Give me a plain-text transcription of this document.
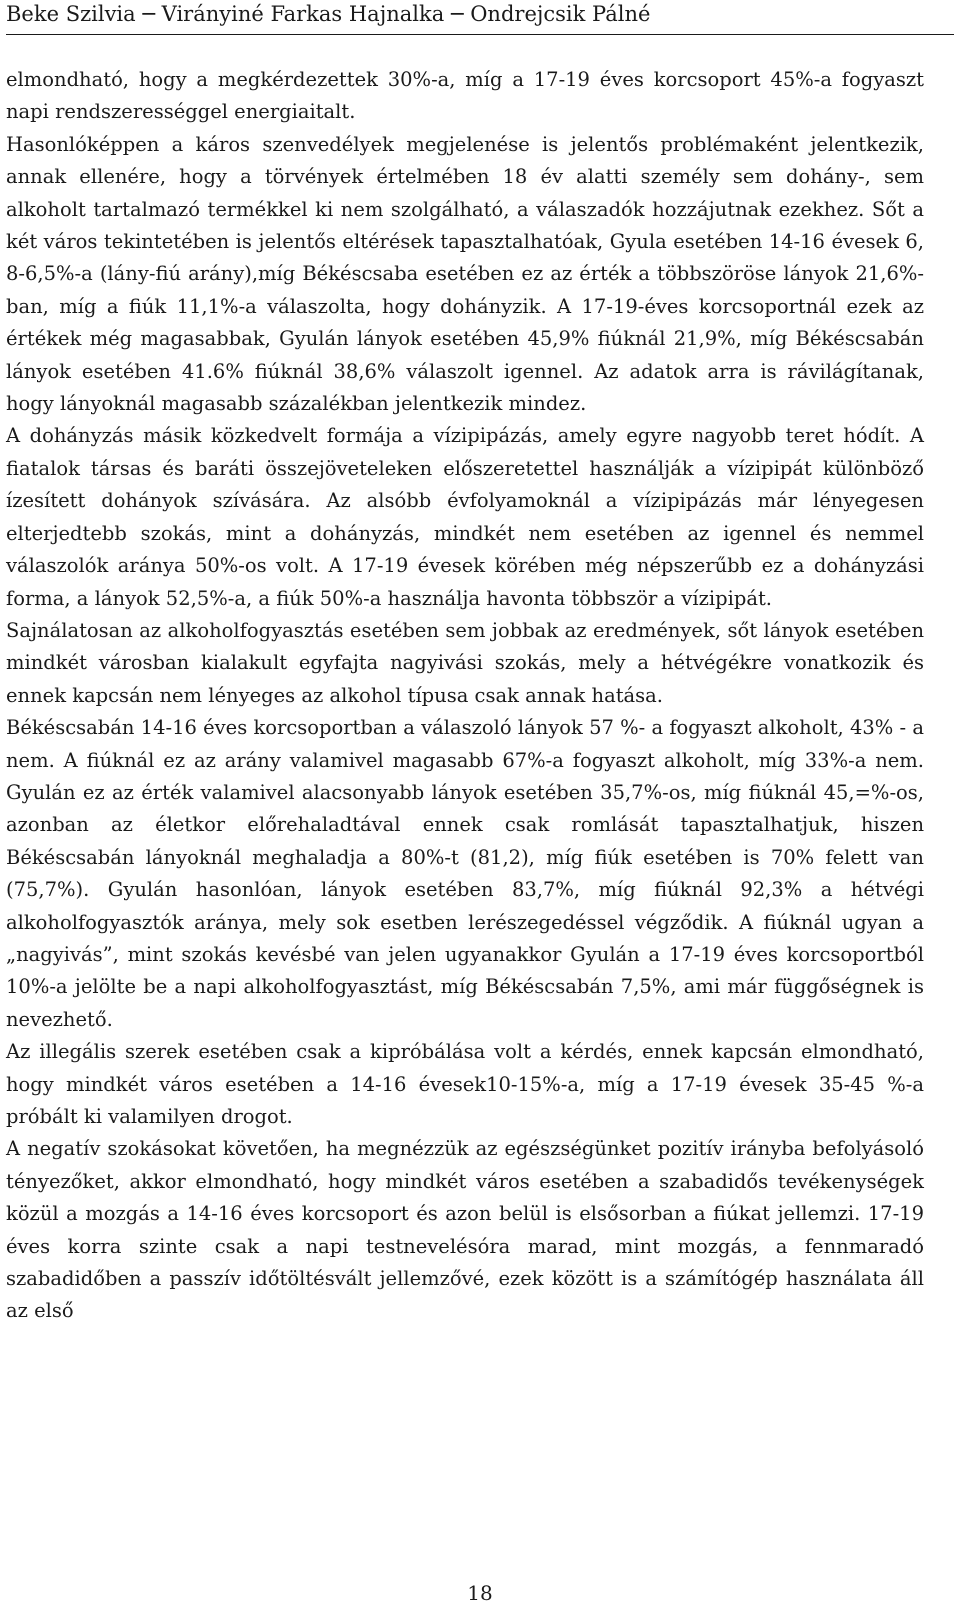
Beke Szilvia ─ Virányiné Farkas Hajnalka ─ Ondrejcsik Pálné

elmondható, hogy a megkérdezettek 30%-a, míg a 17-19 éves korcsoport 45%-a fogyaszt napi rendszerességgel energiaitalt.

Hasonlóképpen a káros szenvedélyek megjelenése is jelentős problémaként jelentkezik, annak ellenére, hogy a törvények értelmében 18 év alatti személy sem dohány-, sem alkoholt tartalmazó termékkel ki nem szolgálható, a válaszadók hozzájutnak ezekhez. Sőt a két város tekintetében is jelentős eltérések tapasztalhatóak, Gyula esetében 14-16 évesek 6, 8-6,5%-a (lány-fiú arány),míg Békéscsaba esetében ez az érték a többszöröse lányok 21,6%-ban, míg a fiúk 11,1%-a válaszolta, hogy dohányzik. A 17-19-éves korcsoportnál ezek az értékek még magasabbak, Gyulán lányok esetében 45,9% fiúknál 21,9%, míg Békéscsabán lányok esetében 41.6% fiúknál 38,6% válaszolt igennel. Az adatok arra is rávilágítanak, hogy lányoknál magasabb százalékban jelentkezik mindez.

A dohányzás másik közkedvelt formája a vízipipázás, amely egyre nagyobb teret hódít. A fiatalok társas és baráti összejöveteleken előszeretettel használják a vízipipát különböző ízesített dohányok szívására. Az alsóbb évfolyamoknál a vízipipázás már lényegesen elterjedtebb szokás, mint a dohányzás, mindkét nem esetében az igennel és nemmel válaszolók aránya 50%-os volt. A 17-19 évesek körében még népszerűbb ez a dohányzási forma, a lányok 52,5%-a, a fiúk 50%-a használja havonta többször a vízipipát.

Sajnálatosan az alkoholfogyasztás esetében sem jobbak az eredmények, sőt lányok esetében mindkét városban kialakult egyfajta nagyivási szokás, mely a hétvégékre vonatkozik és ennek kapcsán nem lényeges az alkohol típusa csak annak hatása.

Békéscsabán 14-16 éves korcsoportban a válaszoló lányok 57 %- a fogyaszt alkoholt, 43% - a nem. A fiúknál ez az arány valamivel magasabb 67%-a fogyaszt alkoholt, míg 33%-a nem. Gyulán ez az érték valamivel alacsonyabb lányok esetében 35,7%-os, míg fiúknál 45,=%-os, azonban az életkor előrehaladtával ennek csak romlását tapasztalhatjuk, hiszen Békéscsabán lányoknál meghaladja a 80%-t (81,2), míg fiúk esetében is 70% felett van (75,7%). Gyulán hasonlóan, lányok esetében 83,7%, míg fiúknál 92,3% a hétvégi alkoholfogyasztók aránya, mely sok esetben lerészegedéssel végződik. A fiúknál ugyan a „nagyivás”, mint szokás kevésbé van jelen ugyanakkor Gyulán a 17-19 éves korcsoportból 10%-a jelölte be a napi alkoholfogyasztást, míg Békéscsabán 7,5%, ami már függőségnek is nevezhető.

Az illegális szerek esetében csak a kipróbálása volt a kérdés, ennek kapcsán elmondható, hogy mindkét város esetében a 14-16 évesek10-15%-a, míg a 17-19 évesek 35-45 %-a próbált ki valamilyen drogot.

A negatív szokásokat követően, ha megnézzük az egészségünket pozitív irányba befolyásoló tényezőket, akkor elmondható, hogy mindkét város esetében a szabadidős tevékenységek közül a mozgás a 14-16 éves korcsoport és azon belül is elsősorban a fiúkat jellemzi. 17-19 éves korra szinte csak a napi testnevelésóra marad, mint mozgás, a fennmaradó szabadidőben a passzív időtöltésvált jellemzővé, ezek között is a számítógép használata áll az első

18
